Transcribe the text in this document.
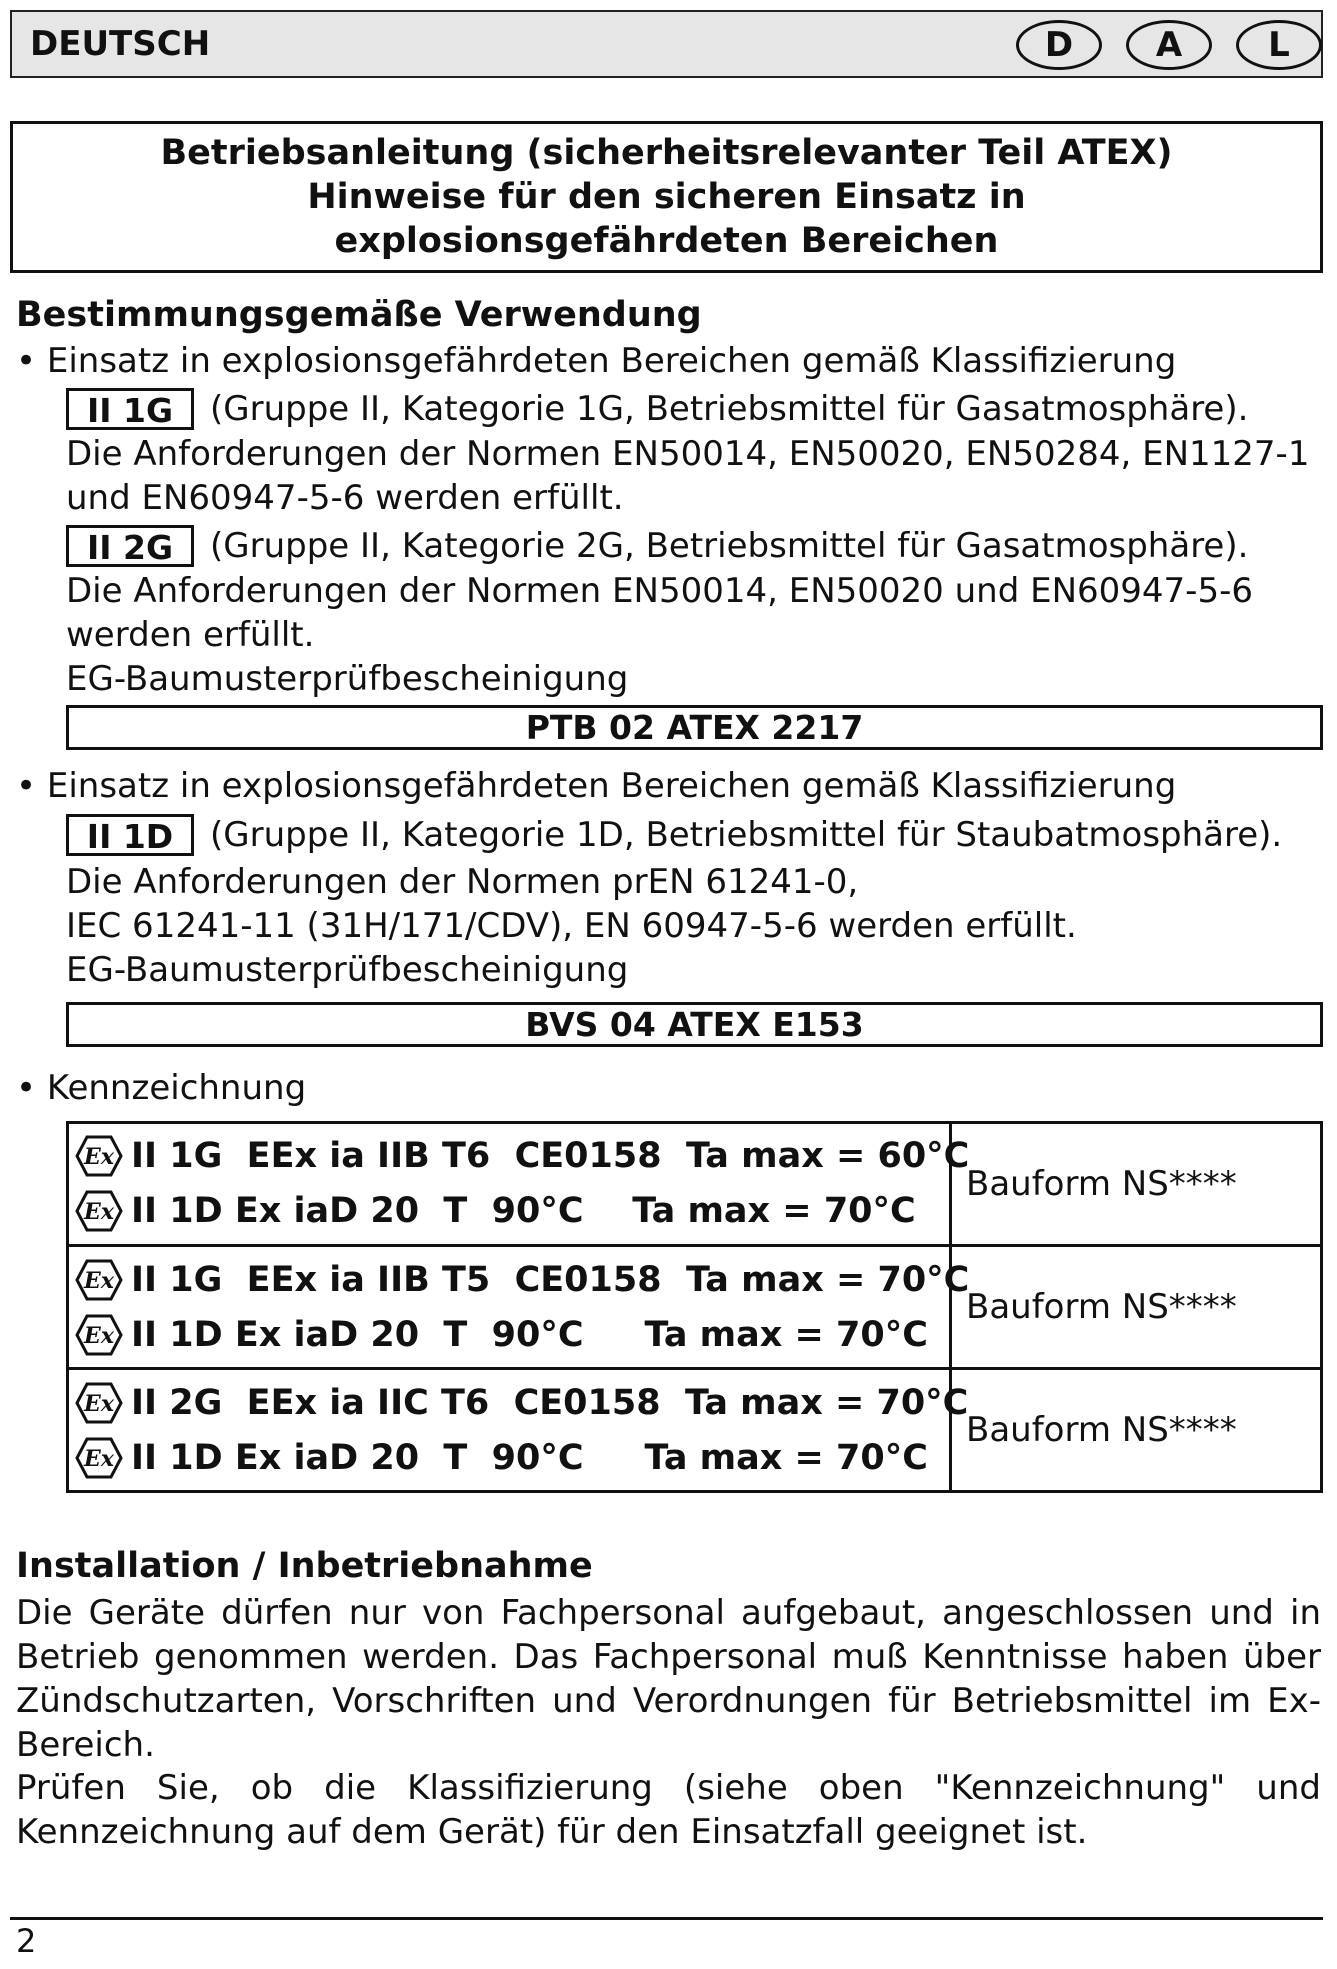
DEUTSCH	D	A	L
Betriebsanleitung (sicherheitsrelevanter Teil ATEX)
Hinweise für den sicheren Einsatz in
explosionsgefährdeten Bereichen
Bestimmungsgemäße Verwendung
• Einsatz in explosionsgefährdeten Bereichen gemäß Klassifizierung
II 1G	(Gruppe II, Kategorie 1G, Betriebsmittel für Gasatmosphäre).
Die Anforderungen der Normen EN50014, EN50020, EN50284, EN1127-1
und EN60947-5-6 werden erfüllt.
II 2G	(Gruppe II, Kategorie 2G, Betriebsmittel für Gasatmosphäre).
Die Anforderungen der Normen EN50014, EN50020 und EN60947-5-6
werden erfüllt.
EG-Baumusterprüfbescheinigung
PTB 02 ATEX 2217
• Einsatz in explosionsgefährdeten Bereichen gemäß Klassifizierung
II 1D	(Gruppe II, Kategorie 1D, Betriebsmittel für Staubatmosphäre).
Die Anforderungen der Normen prEN 61241-0,
IEC 61241-11 (31H/171/CDV), EN 60947-5-6 werden erfüllt.
EG-Baumusterprüfbescheinigung
BVS 04 ATEX E153
• Kennzeichnung
Ex II 1G  EEx ia IIB T6  CE0158  Ta max = 60°C
Ex II 1D Ex iaD 20  T  90°C    Ta max = 70°C
Bauform NS****
Ex II 1G  EEx ia IIB T5  CE0158  Ta max = 70°C
Ex II 1D Ex iaD 20  T  90°C     Ta max = 70°C
Bauform NS****
Ex II 2G  EEx ia IIC T6  CE0158  Ta max = 70°C
Ex II 1D Ex iaD 20  T  90°C     Ta max = 70°C
Bauform NS****
Installation / Inbetriebnahme
Die Geräte dürfen nur von Fachpersonal aufgebaut, angeschlossen und in Betrieb genommen werden. Das Fachpersonal muß Kenntnisse haben über Zündschutzarten, Vorschriften und Verordnungen für Betriebsmittel im Ex-Bereich.
Prüfen Sie, ob die Klassifizierung (siehe oben "Kennzeichnung" und Kennzeichnung auf dem Gerät) für den Einsatzfall geeignet ist.
2
